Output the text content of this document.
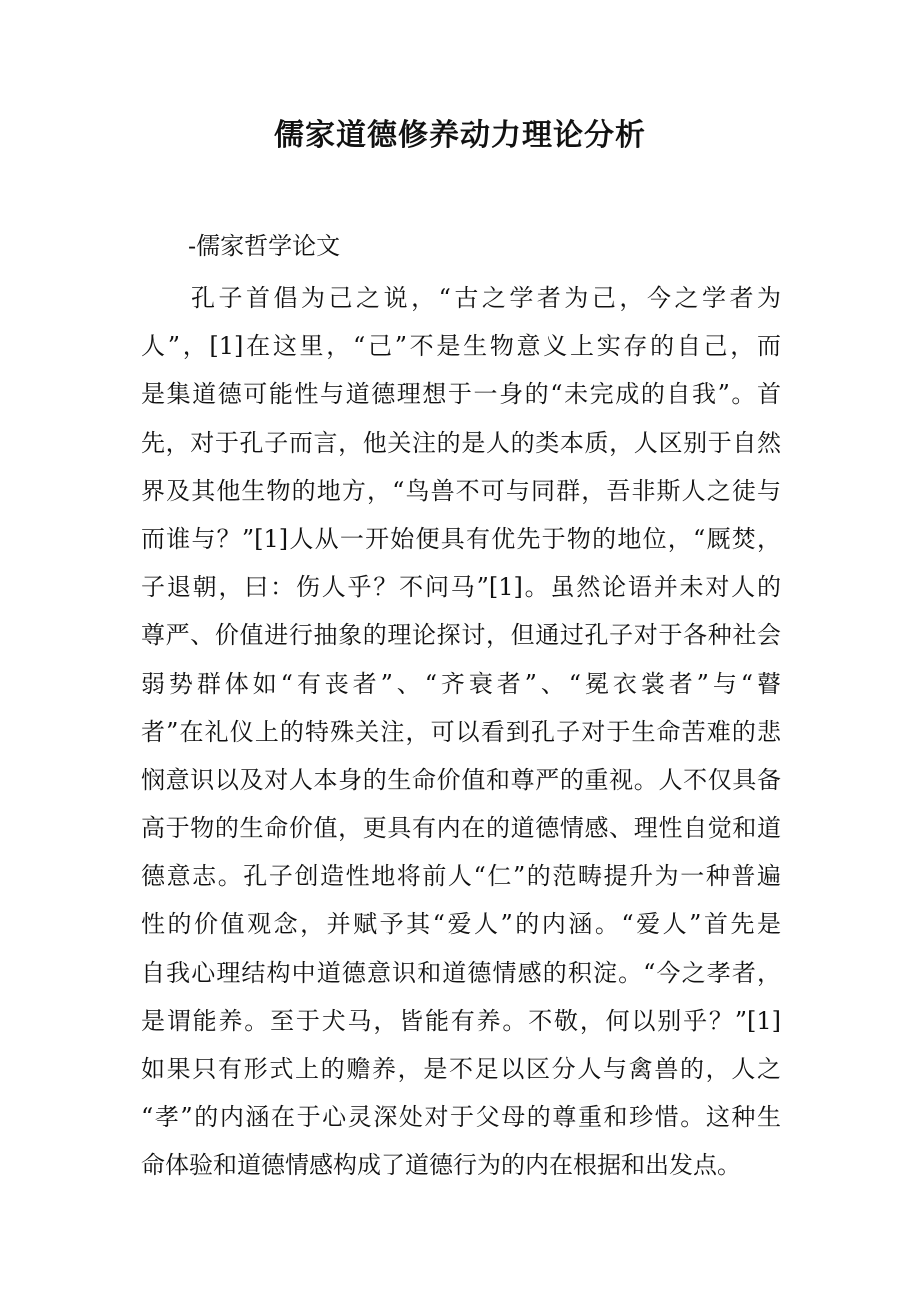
儒家道德修养动力理论分析

-儒家哲学论文

孔子首倡为己之说，“古之学者为己，今之学者为
人”，[1]在这里，“己”不是生物意义上实存的自己，而
是集道德可能性与道德理想于一身的“未完成的自我”。首
先，对于孔子而言，他关注的是人的类本质，人区别于自然
界及其他生物的地方，“鸟兽不可与同群，吾非斯人之徒与
而谁与？”[1]人从一开始便具有优先于物的地位，“厩焚，
子退朝，曰：伤人乎？不问马”[1]。虽然论语并未对人的
尊严、价值进行抽象的理论探讨，但通过孔子对于各种社会
弱势群体如“有丧者”、“齐衰者”、“冕衣裳者”与“瞽
者”在礼仪上的特殊关注，可以看到孔子对于生命苦难的悲
悯意识以及对人本身的生命价值和尊严的重视。人不仅具备
高于物的生命价值，更具有内在的道德情感、理性自觉和道
德意志。孔子创造性地将前人“仁”的范畴提升为一种普遍
性的价值观念，并赋予其“爱人”的内涵。“爱人”首先是
自我心理结构中道德意识和道德情感的积淀。“今之孝者，
是谓能养。至于犬马，皆能有养。不敬，何以别乎？”[1]
如果只有形式上的赡养，是不足以区分人与禽兽的，人之
“孝”的内涵在于心灵深处对于父母的尊重和珍惜。这种生
命体验和道德情感构成了道德行为的内在根据和出发点。
